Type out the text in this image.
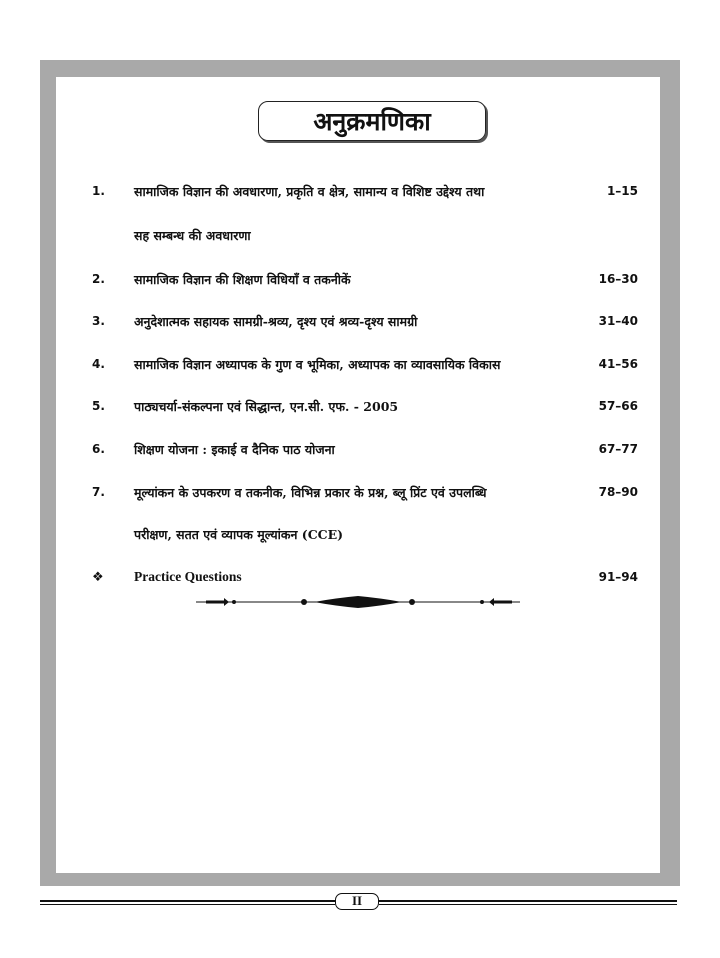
अनुक्रमणिका
1. सामाजिक विज्ञान की अवधारणा, प्रकृति व क्षेत्र, सामान्य व विशिष्ट उद्देश्य तथा	1–15
सह सम्बन्ध की अवधारणा
2. सामाजिक विज्ञान की शिक्षण विधियाँ व तकनीकें	16–30
3. अनुदेशात्मक सहायक सामग्री-श्रव्य, दृश्य एवं श्रव्य-दृश्य सामग्री	31–40
4. सामाजिक विज्ञान अध्यापक के गुण व भूमिका, अध्यापक का व्यावसायिक विकास	41–56
5. पाठ्यचर्या-संकल्पना एवं सिद्धान्त, एन.सी. एफ. - 2005	57–66
6. शिक्षण योजना : इकाई व दैनिक पाठ योजना	67–77
7. मूल्यांकन के उपकरण व तकनीक, विभिन्न प्रकार के प्रश्न, ब्लू प्रिंट एवं उपलब्धि	78–90
परीक्षण, सतत एवं व्यापक मूल्यांकन (CCE)
❖ Practice Questions	91–94
II
